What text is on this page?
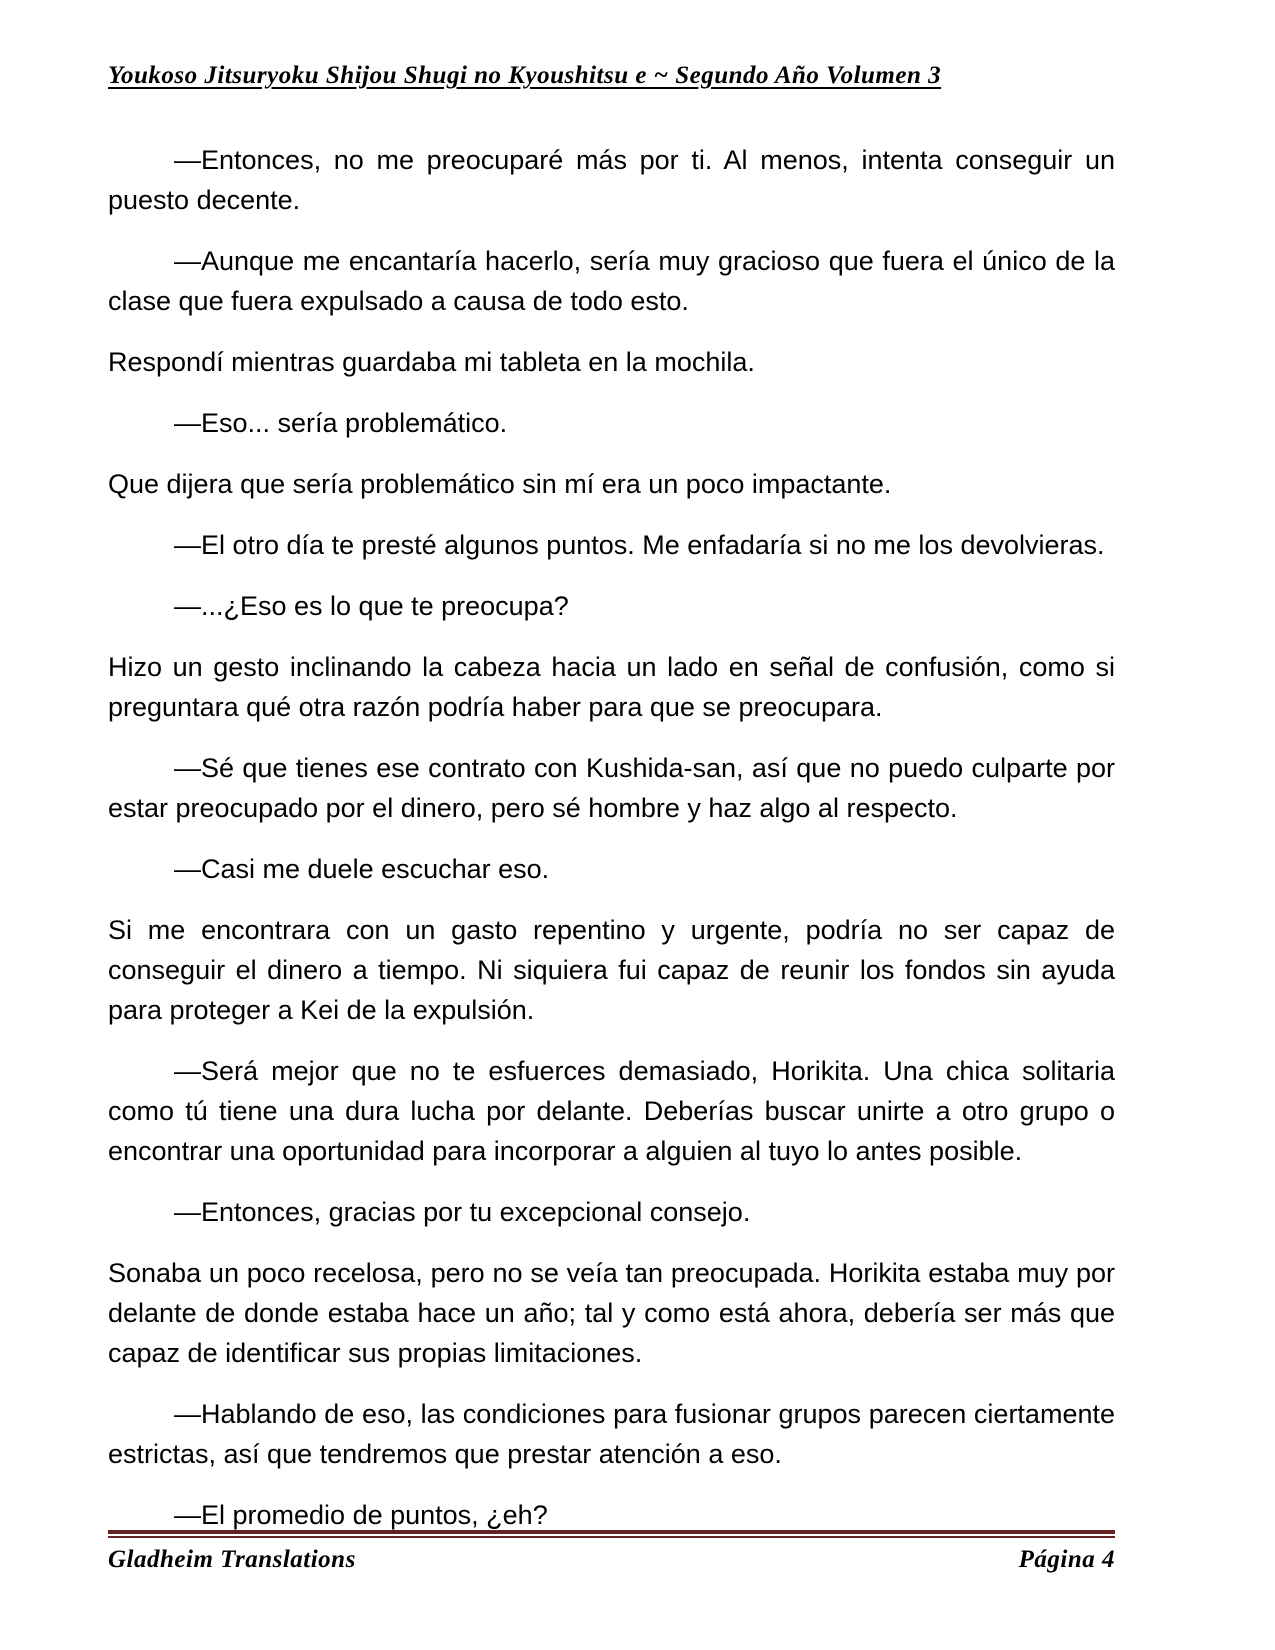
Youkoso Jitsuryoku Shijou Shugi no Kyoushitsu e ~ Segundo Año Volumen 3

—Entonces, no me preocuparé más por ti. Al menos, intenta conseguir un puesto decente.

—Aunque me encantaría hacerlo, sería muy gracioso que fuera el único de la clase que fuera expulsado a causa de todo esto.

Respondí mientras guardaba mi tableta en la mochila.

—Eso... sería problemático.

Que dijera que sería problemático sin mí era un poco impactante.

—El otro día te presté algunos puntos. Me enfadaría si no me los devolvieras.

—...¿Eso es lo que te preocupa?

Hizo un gesto inclinando la cabeza hacia un lado en señal de confusión, como si preguntara qué otra razón podría haber para que se preocupara.

—Sé que tienes ese contrato con Kushida-san, así que no puedo culparte por estar preocupado por el dinero, pero sé hombre y haz algo al respecto.

—Casi me duele escuchar eso.

Si me encontrara con un gasto repentino y urgente, podría no ser capaz de conseguir el dinero a tiempo. Ni siquiera fui capaz de reunir los fondos sin ayuda para proteger a Kei de la expulsión.

—Será mejor que no te esfuerces demasiado, Horikita. Una chica solitaria como tú tiene una dura lucha por delante. Deberías buscar unirte a otro grupo o encontrar una oportunidad para incorporar a alguien al tuyo lo antes posible.

—Entonces, gracias por tu excepcional consejo.

Sonaba un poco recelosa, pero no se veía tan preocupada. Horikita estaba muy por delante de donde estaba hace un año; tal y como está ahora, debería ser más que capaz de identificar sus propias limitaciones.

—Hablando de eso, las condiciones para fusionar grupos parecen ciertamente estrictas, así que tendremos que prestar atención a eso.

—El promedio de puntos, ¿eh?

Gladheim Translations	Página 4
